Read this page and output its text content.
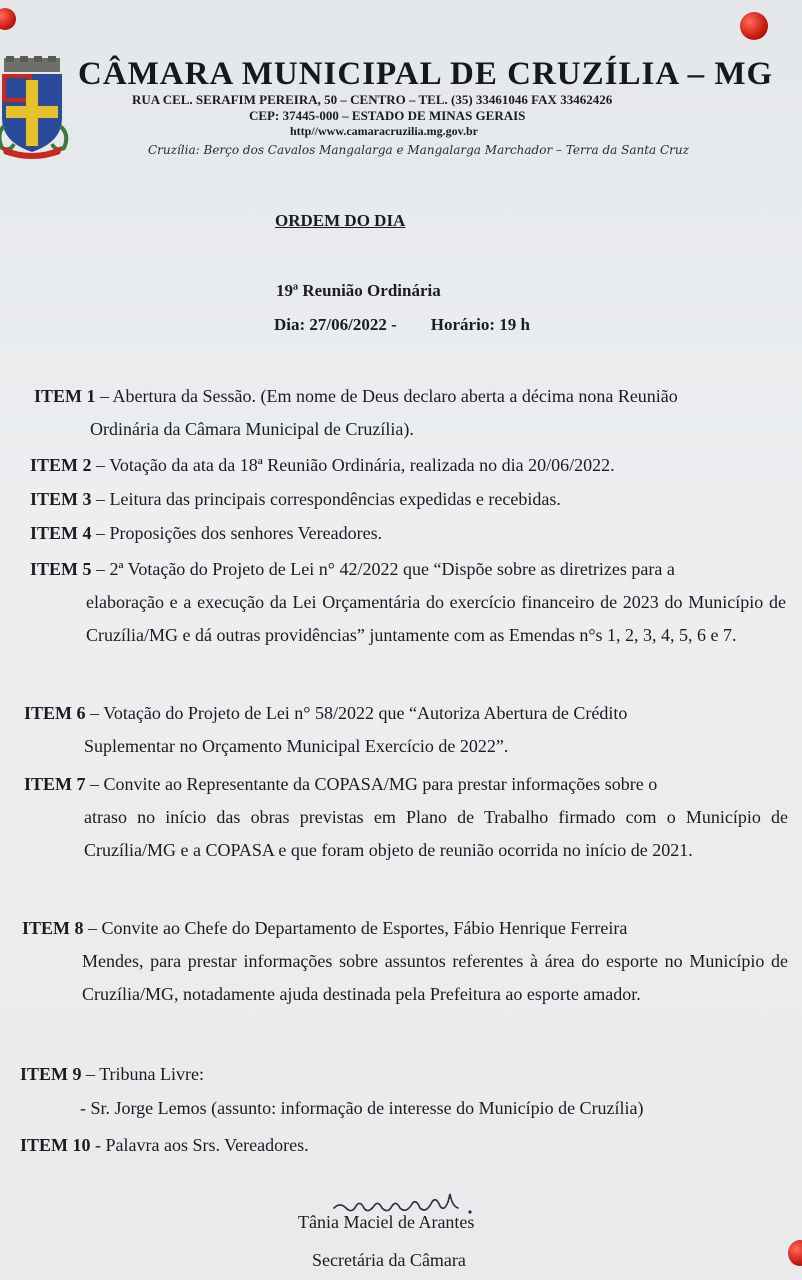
CÂMARA MUNICIPAL DE CRUZÍLIA – MG
RUA CEL. SERAFIM PEREIRA, 50 – CENTRO – TEL. (35) 33461046 FAX 33462426
CEP: 37445-000 – ESTADO DE MINAS GERAIS
http//www.camaracruzilia.mg.gov.br
Cruzília: Berço dos Cavalos Mangalarga e Mangalarga Marchador – Terra da Santa Cruz
ORDEM DO DIA
19ª Reunião Ordinária
Dia: 27/06/2022 - Horário: 19 h
ITEM 1 – Abertura da Sessão. (Em nome de Deus declaro aberta a décima nona Reunião
Ordinária da Câmara Municipal de Cruzília).
ITEM 2 – Votação da ata da 18ª Reunião Ordinária, realizada no dia 20/06/2022.
ITEM 3 – Leitura das principais correspondências expedidas e recebidas.
ITEM 4 – Proposições dos senhores Vereadores.
ITEM 5 – 2ª Votação do Projeto de Lei n° 42/2022 que “Dispõe sobre as diretrizes para a
elaboração e a execução da Lei Orçamentária do exercício financeiro de 2023 do Município de Cruzília/MG e dá outras providências” juntamente com as Emendas n°s 1, 2, 3, 4, 5, 6 e 7.
ITEM 6 – Votação do Projeto de Lei n° 58/2022 que “Autoriza Abertura de Crédito
Suplementar no Orçamento Municipal Exercício de 2022”.
ITEM 7 – Convite ao Representante da COPASA/MG para prestar informações sobre o
atraso no início das obras previstas em Plano de Trabalho firmado com o Município de Cruzília/MG e a COPASA e que foram objeto de reunião ocorrida no início de 2021.
ITEM 8 – Convite ao Chefe do Departamento de Esportes, Fábio Henrique Ferreira
Mendes, para prestar informações sobre assuntos referentes à área do esporte no Município de Cruzília/MG, notadamente ajuda destinada pela Prefeitura ao esporte amador.
ITEM 9 – Tribuna Livre:
- Sr. Jorge Lemos (assunto: informação de interesse do Município de Cruzília)
ITEM 10 - Palavra aos Srs. Vereadores.
Tânia Maciel de Arantes
Secretária da Câmara
